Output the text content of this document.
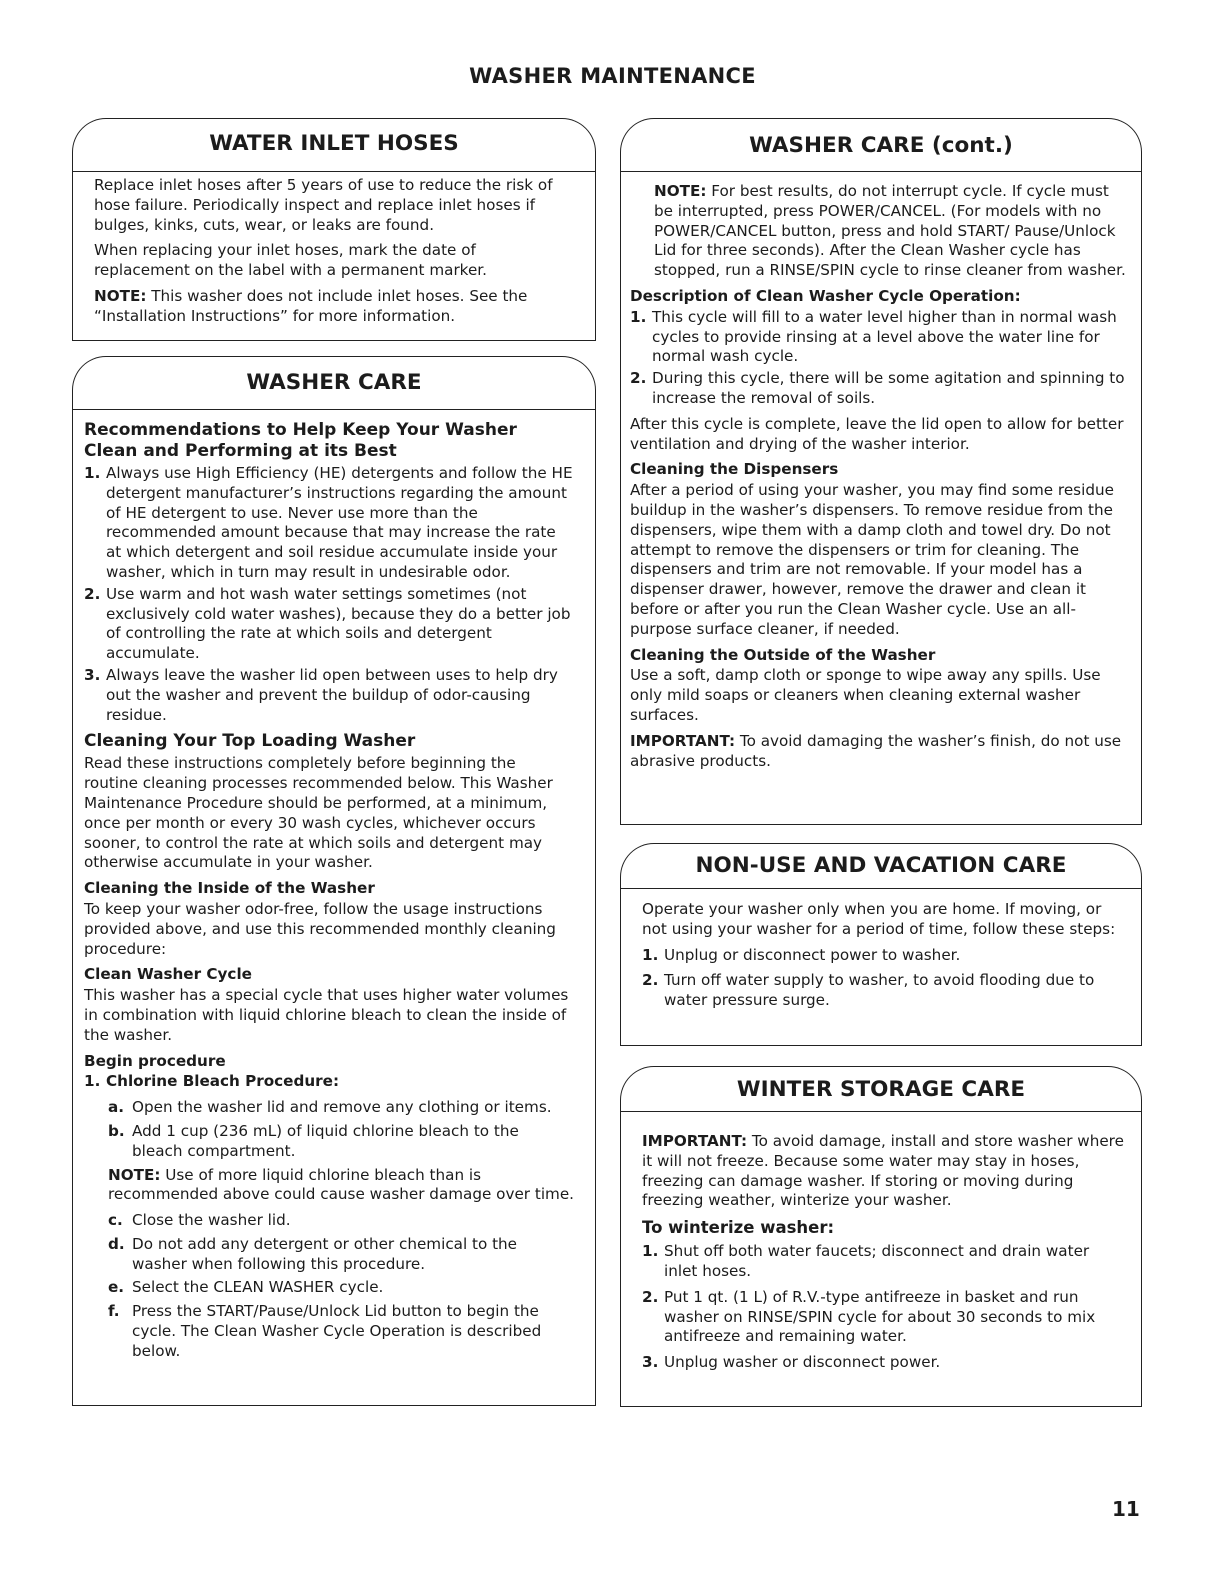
WASHER MAINTENANCE
WATER INLET HOSES

Replace inlet hoses after 5 years of use to reduce the risk of hose failure. Periodically inspect and replace inlet hoses if bulges, kinks, cuts, wear, or leaks are found.

When replacing your inlet hoses, mark the date of replacement on the label with a permanent marker.

NOTE: This washer does not include inlet hoses. See the “Installation Instructions” for more information.

WASHER CARE
Recommendations to Help Keep Your Washer Clean and Performing at its Best
1. Always use High Efficiency (HE) detergents and follow the HE detergent manufacturer’s instructions regarding the amount of HE detergent to use. Never use more than the recommended amount because that may increase the rate at which detergent and soil residue accumulate inside your washer, which in turn may result in undesirable odor.
2. Use warm and hot wash water settings sometimes (not exclusively cold water washes), because they do a better job of controlling the rate at which soils and detergent accumulate.
3. Always leave the washer lid open between uses to help dry out the washer and prevent the buildup of odor-causing residue.
Cleaning Your Top Loading Washer

Read these instructions completely before beginning the routine cleaning processes recommended below. This Washer Maintenance Procedure should be performed, at a minimum, once per month or every 30 wash cycles, whichever occurs sooner, to control the rate at which soils and detergent may otherwise accumulate in your washer.

Cleaning the Inside of the Washer

To keep your washer odor-free, follow the usage instructions provided above, and use this recommended monthly cleaning procedure:

Clean Washer Cycle

This washer has a special cycle that uses higher water volumes in combination with liquid chlorine bleach to clean the inside of the washer.

Begin procedure
1. Chlorine Bleach Procedure:
a. Open the washer lid and remove any clothing or items.
b. Add 1 cup (236 mL) of liquid chlorine bleach to the bleach compartment.

NOTE: Use of more liquid chlorine bleach than is recommended above could cause washer damage over time.

c. Close the washer lid.
d. Do not add any detergent or other chemical to the washer when following this procedure.
e. Select the CLEAN WASHER cycle.
f. Press the START/Pause/Unlock Lid button to begin the cycle. The Clean Washer Cycle Operation is described below.
WASHER CARE (cont.)

NOTE: For best results, do not interrupt cycle. If cycle must be interrupted, press POWER/CANCEL. (For models with no POWER/CANCEL button, press and hold START/ Pause/Unlock Lid for three seconds). After the Clean Washer cycle has stopped, run a RINSE/SPIN cycle to rinse cleaner from washer.

Description of Clean Washer Cycle Operation:
1. This cycle will fill to a water level higher than in normal wash cycles to provide rinsing at a level above the water line for normal wash cycle.
2. During this cycle, there will be some agitation and spinning to increase the removal of soils.

After this cycle is complete, leave the lid open to allow for better ventilation and drying of the washer interior.

Cleaning the Dispensers

After a period of using your washer, you may find some residue buildup in the washer’s dispensers. To remove residue from the dispensers, wipe them with a damp cloth and towel dry. Do not attempt to remove the dispensers or trim for cleaning. The dispensers and trim are not removable. If your model has a dispenser drawer, however, remove the drawer and clean it before or after you run the Clean Washer cycle. Use an all-purpose surface cleaner, if needed.

Cleaning the Outside of the Washer

Use a soft, damp cloth or sponge to wipe away any spills. Use only mild soaps or cleaners when cleaning external washer surfaces.

IMPORTANT: To avoid damaging the washer’s finish, do not use abrasive products.

NON-USE AND VACATION CARE

Operate your washer only when you are home. If moving, or not using your washer for a period of time, follow these steps:

1. Unplug or disconnect power to washer.
2. Turn off water supply to washer, to avoid flooding due to water pressure surge.
WINTER STORAGE CARE

IMPORTANT: To avoid damage, install and store washer where it will not freeze. Because some water may stay in hoses, freezing can damage washer. If storing or moving during freezing weather, winterize your washer.

To winterize washer:
1. Shut off both water faucets; disconnect and drain water inlet hoses.
2. Put 1 qt. (1 L) of R.V.-type antifreeze in basket and run washer on RINSE/SPIN cycle for about 30 seconds to mix antifreeze and remaining water.
3. Unplug washer or disconnect power.
11
